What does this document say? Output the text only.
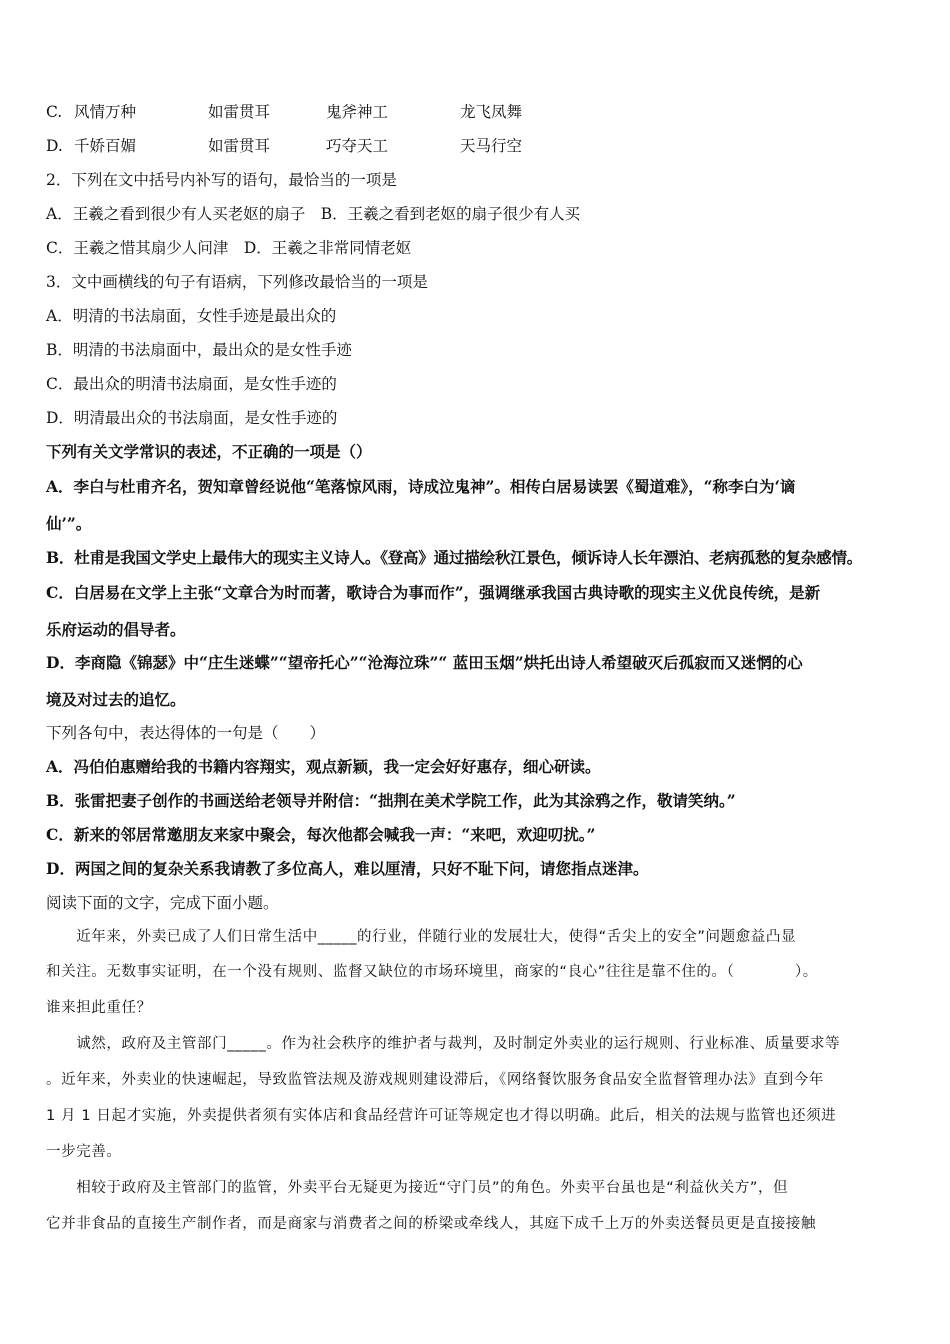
C. 风情万种	如雷贯耳	鬼斧神工	龙飞凤舞
D. 千娇百媚	如雷贯耳	巧夺天工	天马行空
2．下列在文中括号内补写的语句，最恰当的一项是
A．王羲之看到很少有人买老妪的扇子　B．王羲之看到老妪的扇子很少有人买
C．王羲之惜其扇少人问津　D．王羲之非常同情老妪
3．文中画横线的句子有语病，下列修改最恰当的一项是
A．明清的书法扇面，女性手迹是最出众的
B．明清的书法扇面中，最出众的是女性手迹
C．最出众的明清书法扇面，是女性手迹的
D．明清最出众的书法扇面，是女性手迹的
下列有关文学常识的表述，不正确的一项是（）
A．李白与杜甫齐名，贺知章曾经说他“笔落惊风雨，诗成泣鬼神”。相传白居易读罢《蜀道难》，“称李白为‘谪
仙’”。
B．杜甫是我国文学史上最伟大的现实主义诗人。《登高》通过描绘秋江景色，倾诉诗人长年漂泊、老病孤愁的复杂感情。
C．白居易在文学上主张“文章合为时而著，歌诗合为事而作”，强调继承我国古典诗歌的现实主义优良传统，是新
乐府运动的倡导者。
D．李商隐《锦瑟》中“庄生迷蝶”“望帝托心”“沧海泣珠”“ 蓝田玉烟”烘托出诗人希望破灭后孤寂而又迷惘的心
境及对过去的追忆。
下列各句中，表达得体的一句是（　　）
A．冯伯伯惠赠给我的书籍内容翔实，观点新颖，我一定会好好惠存，细心研读。
B．张雷把妻子创作的书画送给老领导并附信：“拙荆在美术学院工作，此为其涂鸦之作，敬请笑纳。”
C．新来的邻居常邀朋友来家中聚会，每次他都会喊我一声：“来吧，欢迎叨扰。”
D．两国之间的复杂关系我请教了多位高人，难以厘清，只好不耻下问，请您指点迷津。
阅读下面的文字，完成下面小题。
　　近年来，外卖已成了人们日常生活中_____的行业，伴随行业的发展壮大，使得“舌尖上的安全”问题愈益凸显
和关注。无数事实证明，在一个没有规则、监督又缺位的市场环境里，商家的“良心”往往是靠不住的。（　　　　）。
谁来担此重任？
　　诚然，政府及主管部门_____。作为社会秩序的维护者与裁判，及时制定外卖业的运行规则、行业标准、质量要求等
。近年来，外卖业的快速崛起，导致监管法规及游戏规则建设滞后，《网络餐饮服务食品安全监督管理办法》直到今年
1 月 1 日起才实施，外卖提供者须有实体店和食品经营许可证等规定也才得以明确。此后，相关的法规与监管也还须进
一步完善。
　　相较于政府及主管部门的监管，外卖平台无疑更为接近“守门员”的角色。外卖平台虽也是“利益伙关方”，但
它并非食品的直接生产制作者，而是商家与消费者之间的桥梁或牵线人，其庭下成千上万的外卖送餐员更是直接接触
